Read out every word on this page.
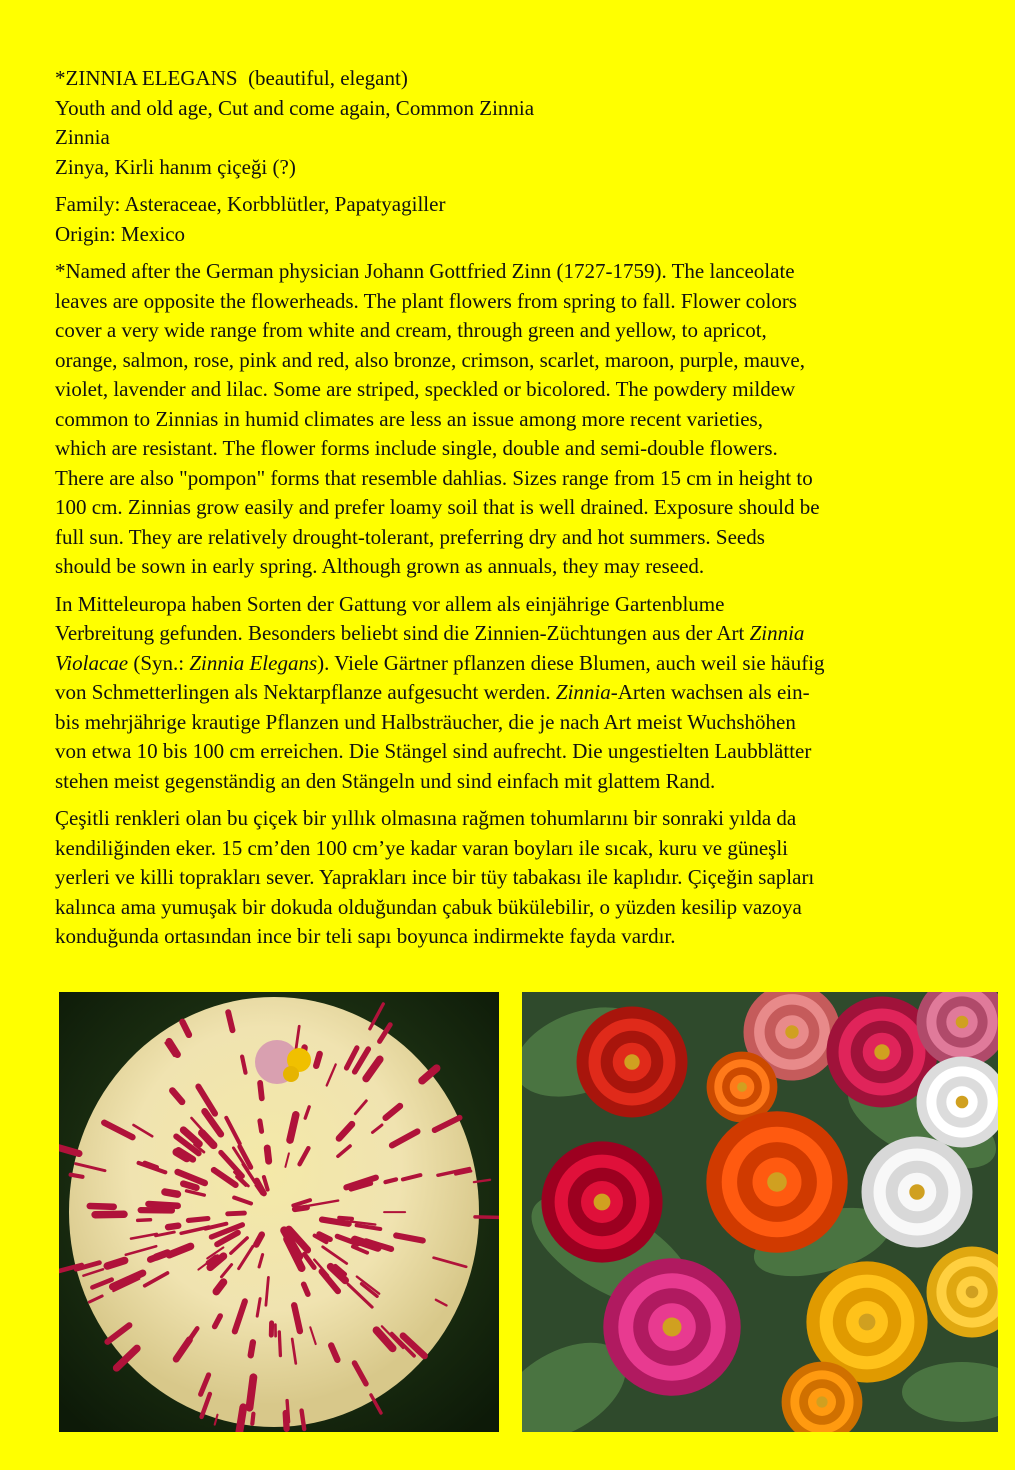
*ZINNIA ELEGANS (beautiful, elegant)
Youth and old age, Cut and come again, Common Zinnia
Zinnia
Zinya, Kirli hanım çiçeği (?)
Family: Asteraceae, Korbblütler, Papatyagiller
Origin: Mexico
*Named after the German physician Johann Gottfried Zinn (1727-1759). The lanceolate
leaves are opposite the flowerheads. The plant flowers from spring to fall. Flower colors
cover a very wide range from white and cream, through green and yellow, to apricot,
orange, salmon, rose, pink and red, also bronze, crimson, scarlet, maroon, purple, mauve,
violet, lavender and lilac. Some are striped, speckled or bicolored. The powdery mildew
common to Zinnias in humid climates are less an issue among more recent varieties,
which are resistant. The flower forms include single, double and semi-double flowers.
There are also "pompon" forms that resemble dahlias. Sizes range from 15 cm in height to
100 cm. Zinnias grow easily and prefer loamy soil that is well drained. Exposure should be
full sun. They are relatively drought-tolerant, preferring dry and hot summers. Seeds
should be sown in early spring. Although grown as annuals, they may reseed.
In Mitteleuropa haben Sorten der Gattung vor allem als einjährige Gartenblume
Verbreitung gefunden. Besonders beliebt sind die Zinnien-Züchtungen aus der Art Zinnia
Violacae (Syn.: Zinnia Elegans). Viele Gärtner pflanzen diese Blumen, auch weil sie häufig
von Schmetterlingen als Nektarpflanze aufgesucht werden. Zinnia-Arten wachsen als ein-
bis mehrjährige krautige Pflanzen und Halbsträucher, die je nach Art meist Wuchshöhen
von etwa 10 bis 100 cm erreichen. Die Stängel sind aufrecht. Die ungestielten Laubblätter
stehen meist gegenständig an den Stängeln und sind einfach mit glattem Rand.
Çeşitli renkleri olan bu çiçek bir yıllık olmasına rağmen tohumlarını bir sonraki yılda da
kendiliğinden eker. 15 cm’den 100 cm’ye kadar varan boyları ile sıcak, kuru ve güneşli
yerleri ve killi toprakları sever. Yaprakları ince bir tüy tabakası ile kaplıdır. Çiçeğin sapları
kalınca ama yumuşak bir dokuda olduğundan çabuk bükülebilir, o yüzden kesilip vazoya
konduğunda ortasından ince bir teli sapı boyunca indirmekte fayda vardır.
